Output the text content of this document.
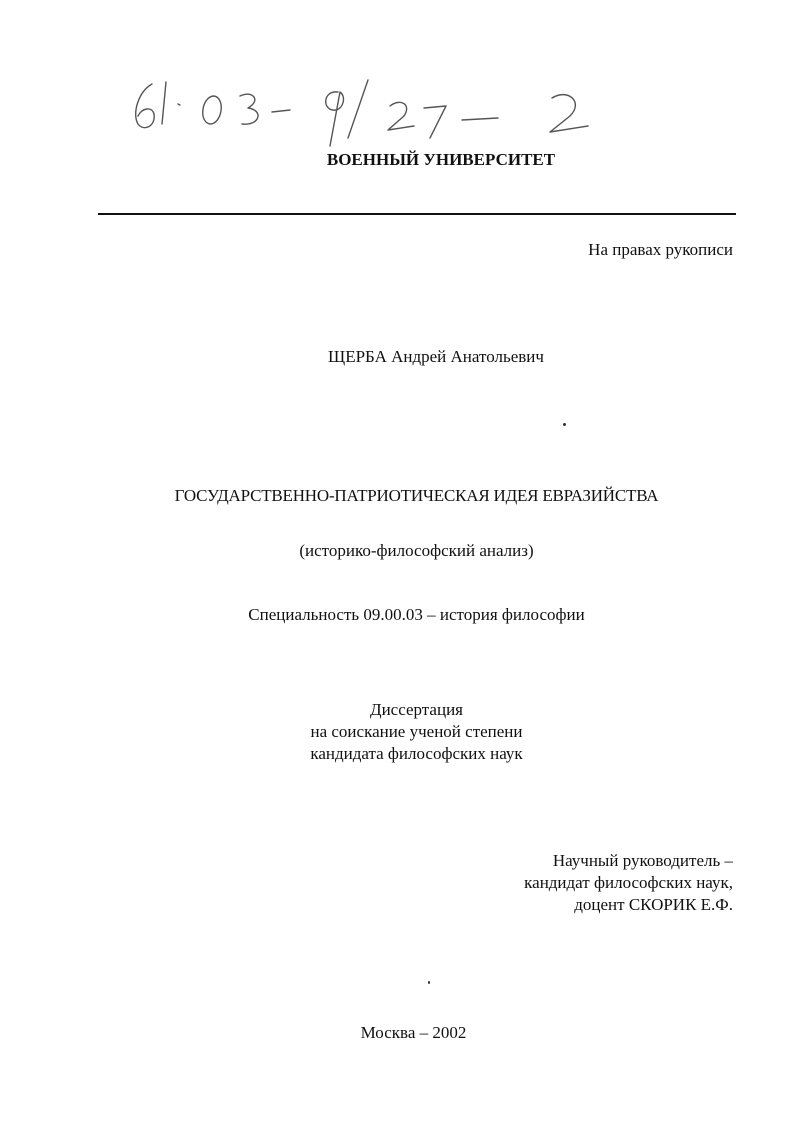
ВОЕННЫЙ УНИВЕРСИТЕТ
На правах рукописи
ЩЕРБА Андрей Анатольевич
ГОСУДАРСТВЕННО-ПАТРИОТИЧЕСКАЯ ИДЕЯ ЕВРАЗИЙСТВА
(историко-философский анализ)
Специальность 09.00.03 – история философии
Диссертация
на соискание ученой степени
кандидата философских наук
Научный руководитель –
кандидат философских наук,
доцент СКОРИК Е.Ф.
Москва – 2002
